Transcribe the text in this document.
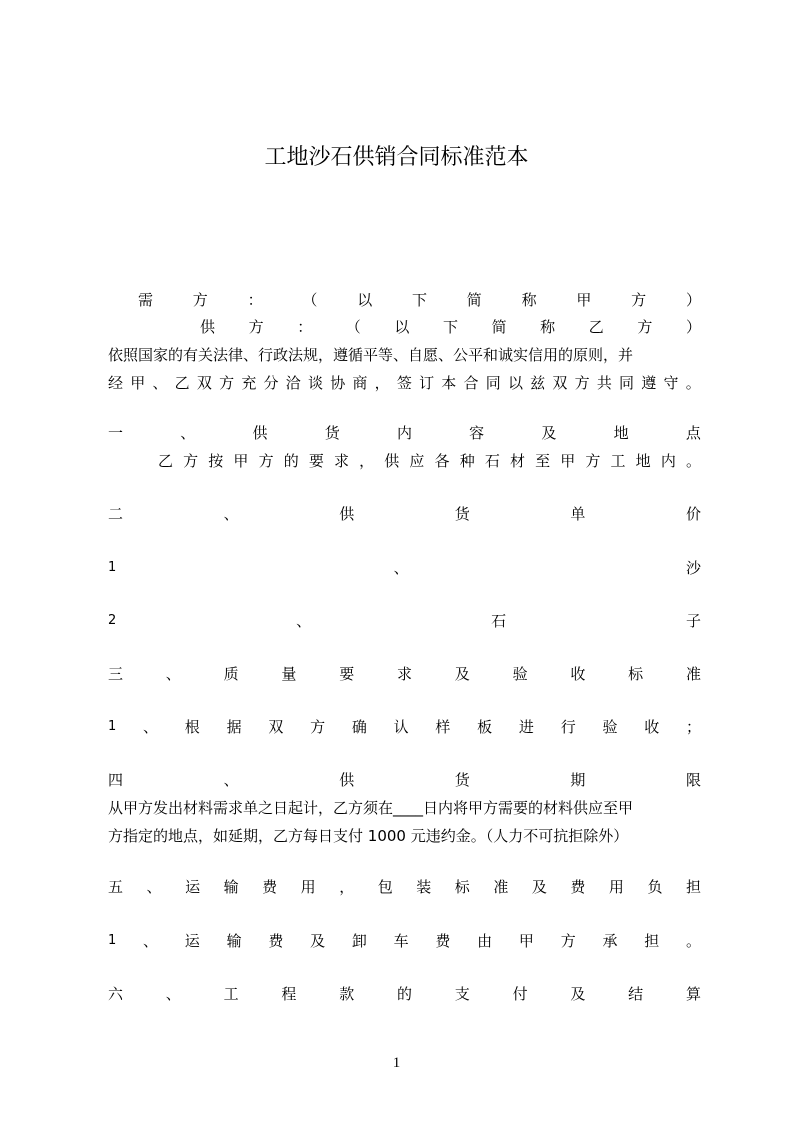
工地沙石供销合同标准范本
需	方	：	（	以	下	简	称	甲	方	）
供 方 ： （ 以 下 简 称 乙 方 ）
依照国家的有关法律、行政法规，遵循平等、自愿、公平和诚实信用的原则，并
经 甲 、 乙 双 方 充 分 洽 谈 协 商 ， 签 订 本 合 同 以 兹 双 方 共 同 遵 守 。
一	、	供	货	内	容	及	地	点
乙 方 按 甲 方 的 要 求 ， 供 应 各 种 石 材 至 甲 方 工 地 内 。
二	、	供	货	单	价
1	、	沙
2	、	石	子
三	、	质	量	要	求	及	验	收	标	准
1 、 根 据 双 方 确 认 样 板 进 行 验 收 ；
四	、	供	货	期	限
从甲方发出材料需求单之日起计，乙方须在____日内将甲方需要的材料供应至甲
方指定的地点，如延期，乙方每日支付 1000 元违约金。（人力不可抗拒除外）
五 、 运 输 费 用 ， 包 装 标 准 及 费 用 负 担
1 、 运 输 费 及 卸 车 费 由 甲 方 承 担 。
六	、	工	程	款	的	支	付	及	结	算
1
